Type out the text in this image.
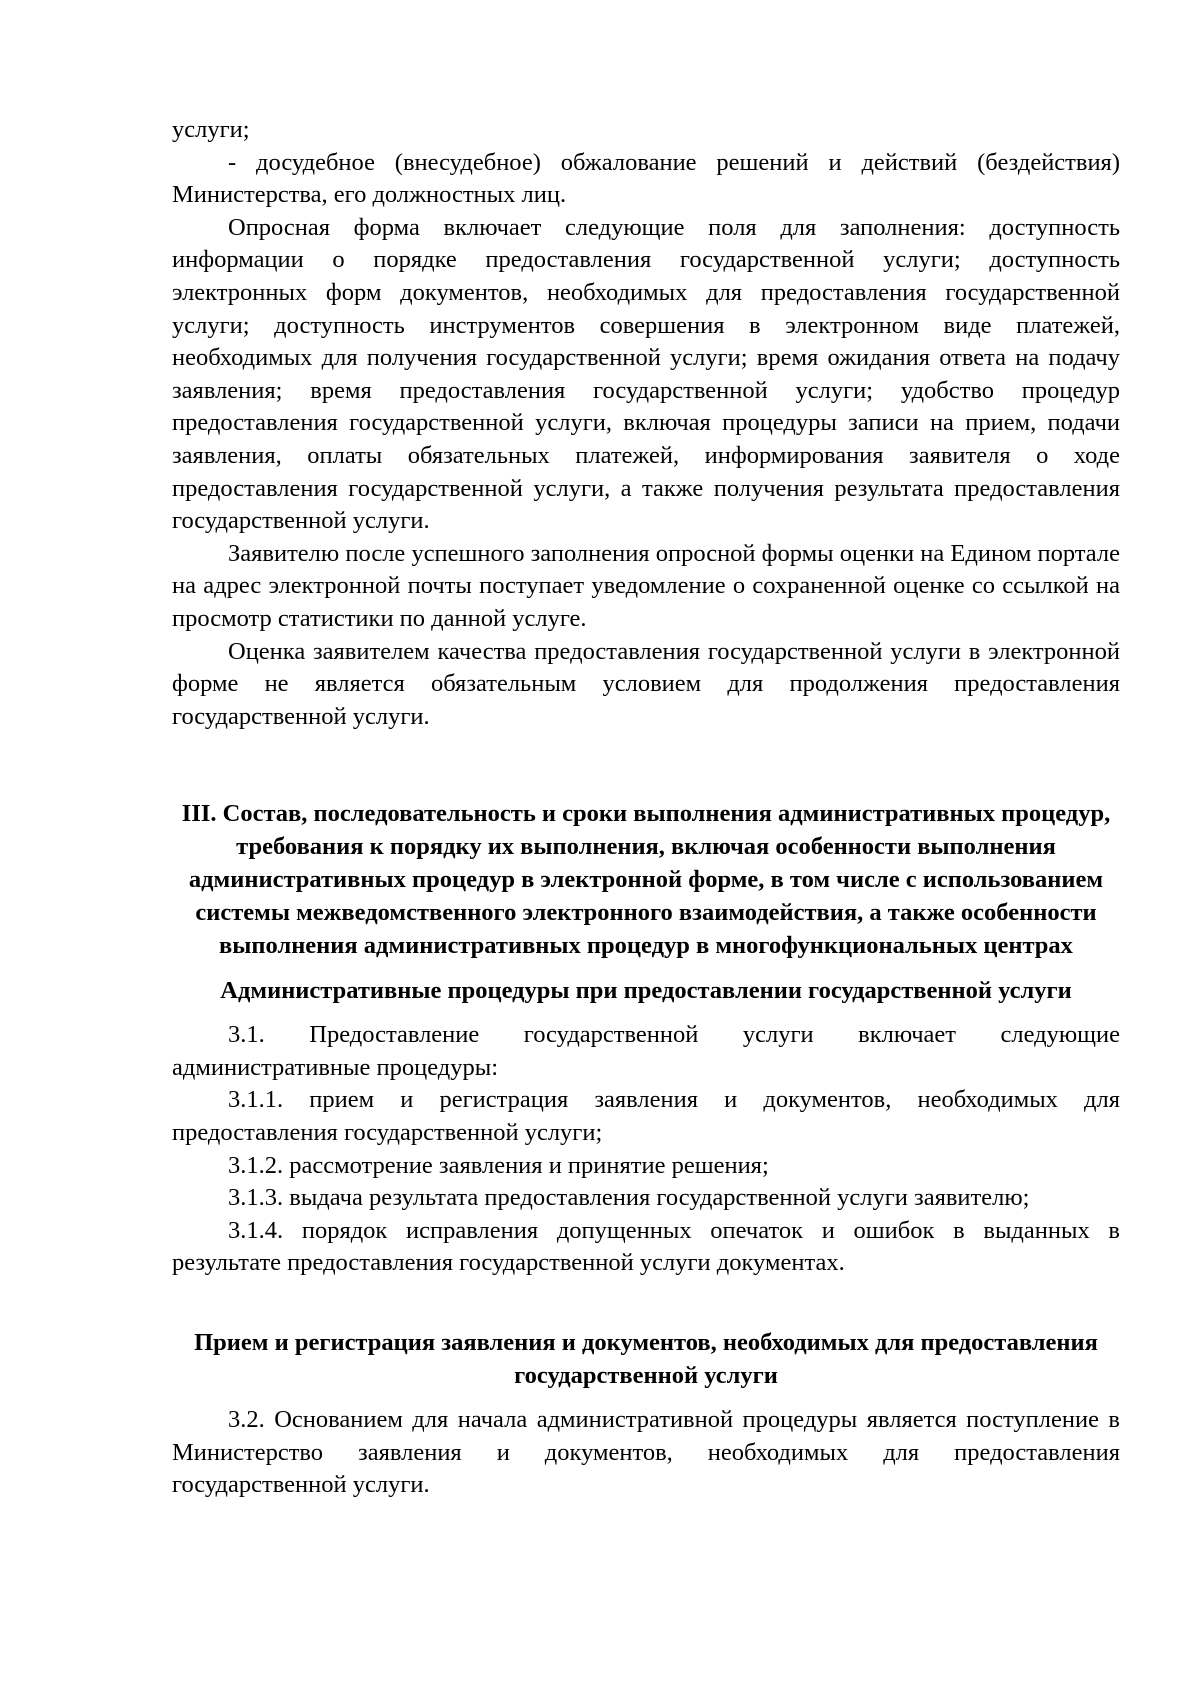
услуги;

- досудебное (внесудебное) обжалование решений и действий (бездействия) Министерства, его должностных лиц.

Опросная форма включает следующие поля для заполнения: доступность информации о порядке предоставления государственной услуги; доступность электронных форм документов, необходимых для предоставления государственной услуги; доступность инструментов совершения в электронном виде платежей, необходимых для получения государственной услуги; время ожидания ответа на подачу заявления; время предоставления государственной услуги; удобство процедур предоставления государственной услуги, включая процедуры записи на прием, подачи заявления, оплаты обязательных платежей, информирования заявителя о ходе предоставления государственной услуги, а также получения результата предоставления государственной услуги.

Заявителю после успешного заполнения опросной формы оценки на Едином портале на адрес электронной почты поступает уведомление о сохраненной оценке со ссылкой на просмотр статистики по данной услуге.

Оценка заявителем качества предоставления государственной услуги в электронной форме не является обязательным условием для продолжения предоставления государственной услуги.

III. Состав, последовательность и сроки выполнения административных процедур, требования к порядку их выполнения, включая особенности выполнения административных процедур в электронной форме, в том числе с использованием системы межведомственного электронного взаимодействия, а также особенности выполнения административных процедур в многофункциональных центрах

Административные процедуры при предоставлении государственной услуги

3.1. Предоставление государственной услуги включает следующие административные процедуры:

3.1.1. прием и регистрация заявления и документов, необходимых для предоставления государственной услуги;

3.1.2. рассмотрение заявления и принятие решения;

3.1.3. выдача результата предоставления государственной услуги заявителю;

3.1.4. порядок исправления допущенных опечаток и ошибок в выданных в результате предоставления государственной услуги документах.

Прием и регистрация заявления и документов, необходимых для предоставления государственной услуги

3.2. Основанием для начала административной процедуры является поступление в Министерство заявления и документов, необходимых для предоставления государственной услуги.
